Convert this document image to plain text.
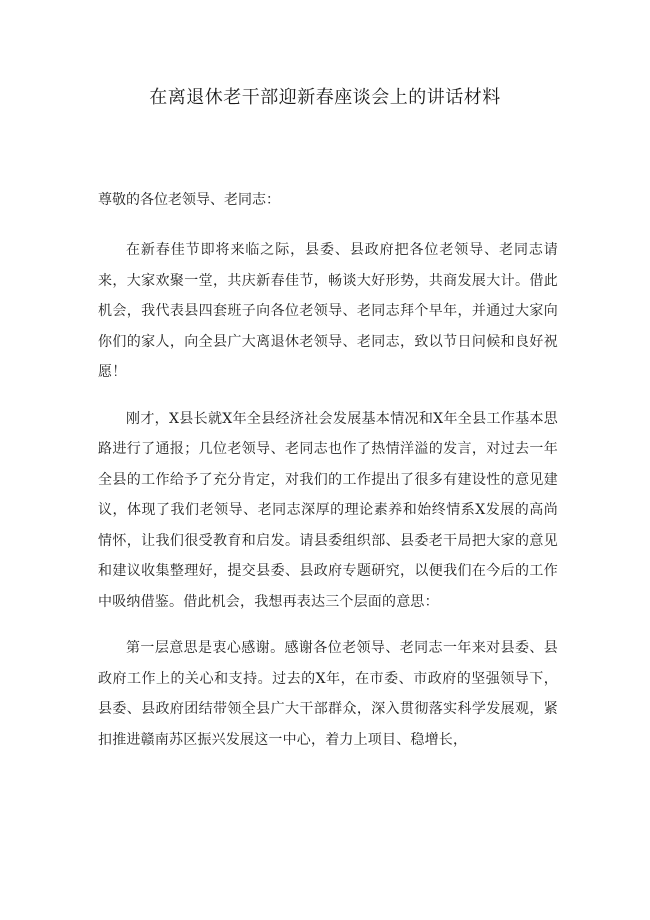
在离退休老干部迎新春座谈会上的讲话材料

尊敬的各位老领导、老同志：

在新春佳节即将来临之际，县委、县政府把各位老领导、老同志请来，大家欢聚一堂，共庆新春佳节，畅谈大好形势，共商发展大计。借此机会，我代表县四套班子向各位老领导、老同志拜个早年，并通过大家向你们的家人，向全县广大离退休老领导、老同志，致以节日问候和良好祝愿！

刚才，X县长就X年全县经济社会发展基本情况和X年全县工作基本思路进行了通报；几位老领导、老同志也作了热情洋溢的发言，对过去一年全县的工作给予了充分肯定，对我们的工作提出了很多有建设性的意见建议，体现了我们老领导、老同志深厚的理论素养和始终情系X发展的高尚情怀，让我们很受教育和启发。请县委组织部、县委老干局把大家的意见和建议收集整理好，提交县委、县政府专题研究，以便我们在今后的工作中吸纳借鉴。借此机会，我想再表达三个层面的意思：

第一层意思是衷心感谢。感谢各位老领导、老同志一年来对县委、县政府工作上的关心和支持。过去的X年，在市委、市政府的坚强领导下，县委、县政府团结带领全县广大干部群众，深入贯彻落实科学发展观，紧扣推进赣南苏区振兴发展这一中心，着力上项目、稳增长，
